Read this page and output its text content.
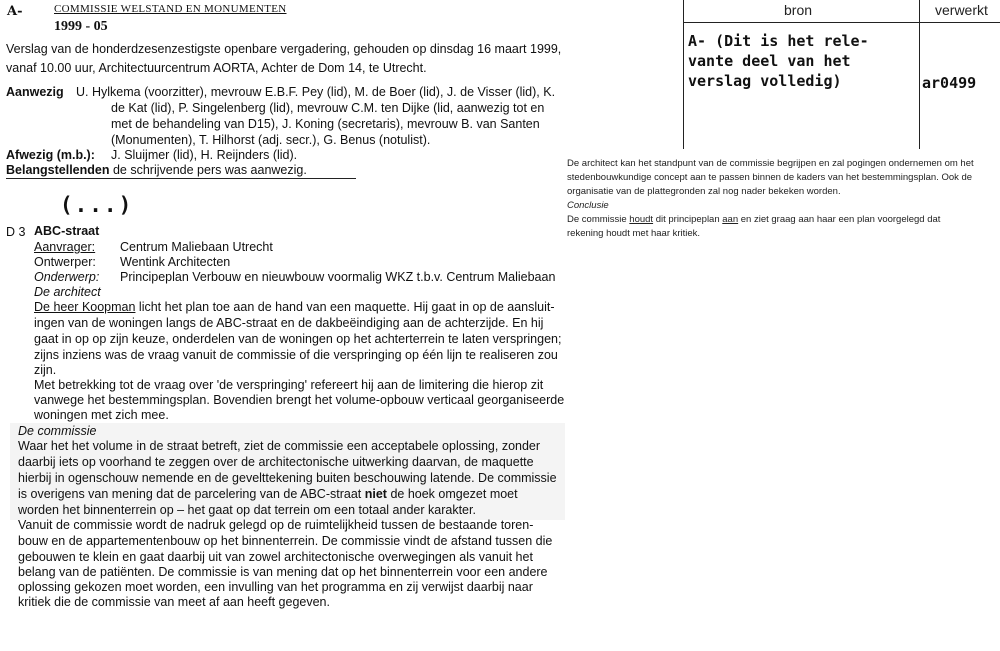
A-	COMMISSIE WELSTAND EN MONUMENTEN
1999 - 05
Verslag van de honderdzesenzestigste openbare vergadering, gehouden op dinsdag 16 maart 1999,
vanaf 10.00 uur, Architectuurcentrum AORTA, Achter de Dom 14, te Utrecht.
Aanwezig U. Hylkema (voorzitter), mevrouw E.B.F. Pey (lid), M. de Boer (lid), J. de Visser (lid), K.
de Kat (lid), P. Singelenberg (lid), mevrouw C.M. ten Dijke (lid, aanwezig tot en
met de behandeling van D15), J. Koning (secretaris), mevrouw B. van Santen
(Monumenten), T. Hilhorst (adj. secr.), G. Benus (notulist).
Afwezig (m.b.): J. Sluijmer (lid), H. Reijnders (lid).
Belangstellenden de schrijvende pers was aanwezig.
(...)
D 3 ABC-straat
Aanvrager: Centrum Maliebaan Utrecht
Ontwerper: Wentink Architecten
Onderwerp: Principeplan Verbouw en nieuwbouw voormalig WKZ t.b.v. Centrum Maliebaan
De architect
De heer Koopman licht het plan toe aan de hand van een maquette. Hij gaat in op de aansluit-
ingen van de woningen langs de ABC-straat en de dakbeëindiging aan de achterzijde. En hij
gaat in op op zijn keuze, onderdelen van de woningen op het achterterrein te laten verspringen;
zijns inziens was de vraag vanuit de commissie of die verspringing op één lijn te realiseren zou
zijn.
Met betrekking tot de vraag over 'de verspringing' refereert hij aan de limitering die hierop zit
vanwege het bestemmingsplan. Bovendien brengt het volume-opbouw verticaal georganiseerde
woningen met zich mee.
De commissie
Waar het het volume in de straat betreft, ziet de commissie een acceptabele oplossing, zonder
daarbij iets op voorhand te zeggen over de architectonische uitwerking daarvan, de maquette
hierbij in ogenschouw nemende en de gevelttekening buiten beschouwing latende. De commissie
is overigens van mening dat de parcelering van de ABC-straat niet de hoek omgezet moet
worden het binnenterrein op – het gaat op dat terrein om een totaal ander karakter.
Vanuit de commissie wordt de nadruk gelegd op de ruimtelijkheid tussen de bestaande toren-
bouw en de appartementenbouw op het binnenterrein. De commissie vindt de afstand tussen die
gebouwen te klein en gaat daarbij uit van zowel architectonische overwegingen als vanuit het
belang van de patiënten. De commissie is van mening dat op het binnenterrein voor een andere
oplossing gekozen moet worden, een invulling van het programma en zij verwijst daarbij naar
kritiek die de commissie van meet af aan heeft gegeven.
bron	verwerkt
A- (Dit is het rele-
vante deel van het
verslag volledig)	ar0499
De architect kan het standpunt van de commissie begrijpen en zal pogingen ondernemen om het
stedenbouwkundige concept aan te passen binnen de kaders van het bestemmingsplan. Ook de
organisatie van de plattegronden zal nog nader bekeken worden.
Conclusie
De commissie houdt dit principeplan aan en ziet graag aan haar een plan voorgelegd dat
rekening houdt met haar kritiek.
